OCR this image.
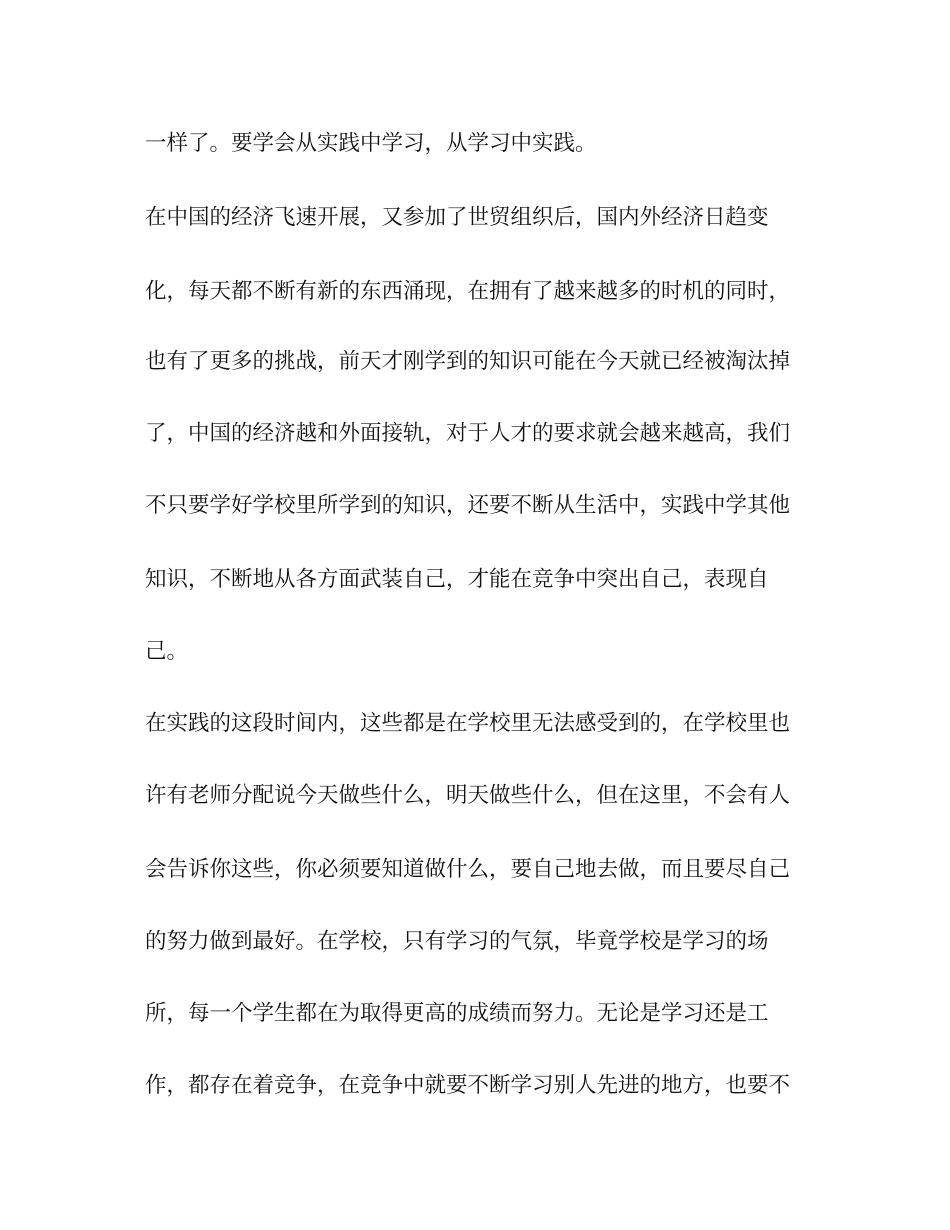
一样了。要学会从实践中学习，从学习中实践。
在中国的经济飞速开展，又参加了世贸组织后，国内外经济日趋变
化，每天都不断有新的东西涌现，在拥有了越来越多的时机的同时，
也有了更多的挑战，前天才刚学到的知识可能在今天就已经被淘汰掉
了，中国的经济越和外面接轨，对于人才的要求就会越来越高，我们
不只要学好学校里所学到的知识，还要不断从生活中，实践中学其他
知识，不断地从各方面武装自己，才能在竞争中突出自己，表现自
己。
在实践的这段时间内，这些都是在学校里无法感受到的，在学校里也
许有老师分配说今天做些什么，明天做些什么，但在这里，不会有人
会告诉你这些，你必须要知道做什么，要自己地去做，而且要尽自己
的努力做到最好。在学校，只有学习的气氛，毕竟学校是学习的场
所，每一个学生都在为取得更高的成绩而努力。无论是学习还是工
作，都存在着竞争，在竞争中就要不断学习别人先进的地方，也要不
